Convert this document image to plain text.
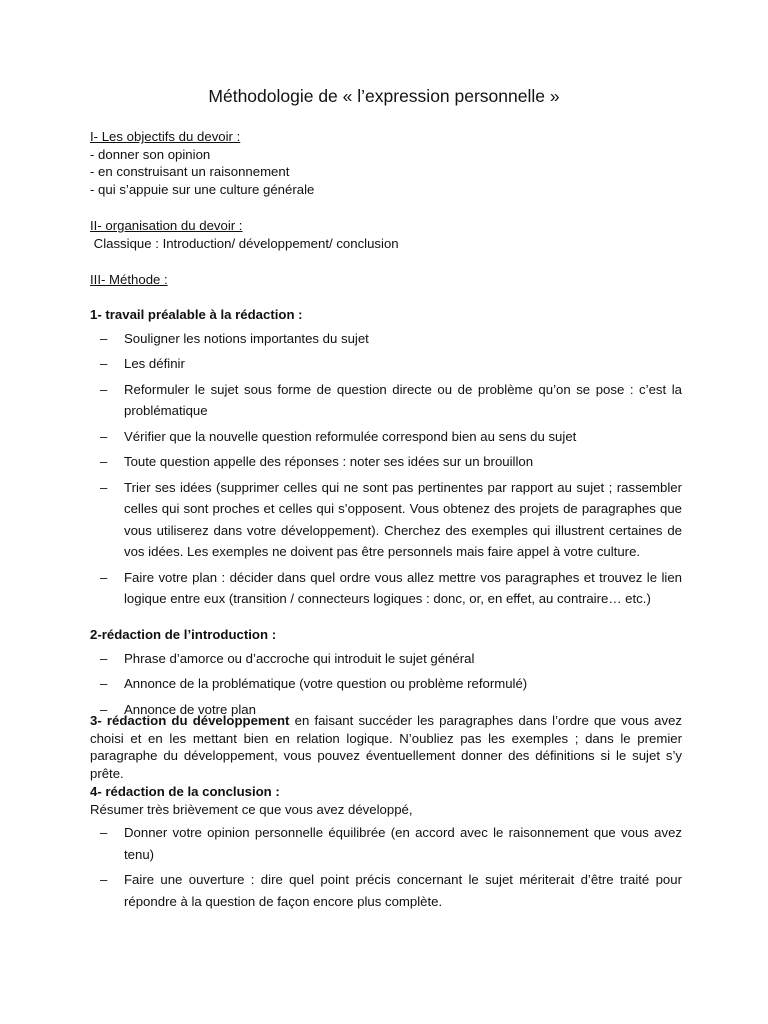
Méthodologie de « l’expression personnelle »

I- Les objectifs du devoir :

- donner son opinion

- en construisant un raisonnement

- qui s’appuie sur une culture générale

II- organisation du devoir :

Classique : Introduction/ développement/ conclusion

III- Méthode :

1- travail préalable à la rédaction :

– Souligner les notions importantes du sujet
– Les définir
– Reformuler le sujet sous forme de question directe ou de problème qu’on se pose : c’est la problématique
– Vérifier que la nouvelle question reformulée correspond bien au sens du sujet
– Toute question appelle des réponses : noter ses idées sur un brouillon
– Trier ses idées (supprimer celles qui ne sont pas pertinentes par rapport au sujet ; rassembler celles qui sont proches et celles qui s’opposent. Vous obtenez des projets de paragraphes que vous utiliserez dans votre développement). Cherchez des exemples qui illustrent certaines de vos idées. Les exemples ne doivent pas être personnels mais faire appel à votre culture.
– Faire votre plan : décider dans quel ordre vous allez mettre vos paragraphes et trouvez le lien logique entre eux (transition / connecteurs logiques : donc, or, en effet, au contraire… etc.)

2-rédaction de l’introduction :

– Phrase d’amorce ou d’accroche qui introduit le sujet général
– Annonce de la problématique (votre question ou problème reformulé)
– Annonce de votre plan

3- rédaction du développement en faisant succéder les paragraphes dans l’ordre que vous avez choisi et en les mettant bien en relation logique. N’oubliez pas les exemples ; dans le premier paragraphe du développement, vous pouvez éventuellement donner des définitions si le sujet s’y prête.

4- rédaction de la conclusion :

Résumer très brièvement ce que vous avez développé,

– Donner votre opinion personnelle équilibrée (en accord avec le raisonnement que vous avez tenu)
– Faire une ouverture : dire quel point précis concernant le sujet mériterait d’être traité pour répondre à la question de façon encore plus complète.
